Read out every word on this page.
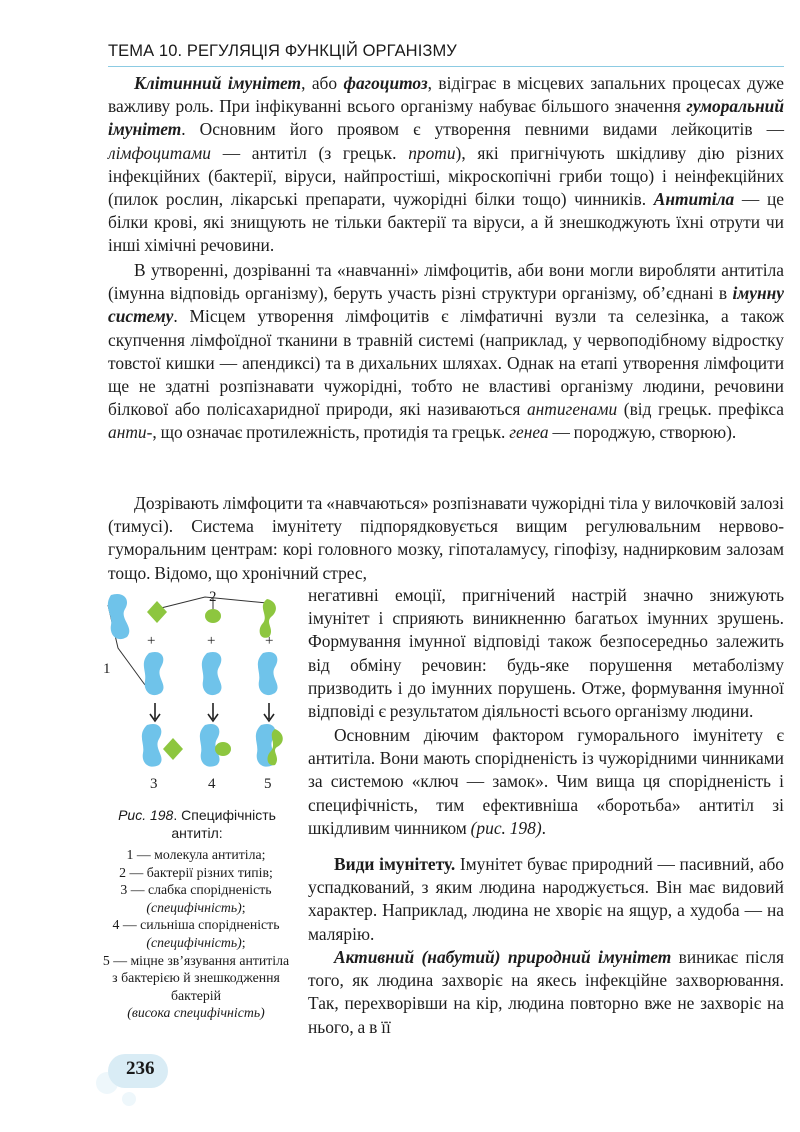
ТЕМА 10. РЕГУЛЯЦІЯ ФУНКЦІЙ ОРГАНІЗМУ

Клітинний імунітет, або фагоцитоз, відіграє в місцевих запальних процесах дуже важливу роль. При інфікуванні всього організму набуває більшого значення гуморальний імунітет. Основним його проявом є утворення певними видами лейкоцитів — лімфоцитами — антитіл (з грецьк. проти), які пригнічують шкідливу дію різних інфекційних (бактерії, віруси, найпростіші, мікроскопічні гриби тощо) і неінфекційних (пилок рослин, лікарські препарати, чужорідні білки тощо) чинників. Антитіла — це білки крові, які знищують не тільки бактерії та віруси, а й знешкоджують їхні отрути чи інші хімічні речовини.

В утворенні, дозріванні та «навчанні» лімфоцитів, аби вони могли виробляти антитіла (імунна відповідь організму), беруть участь різні структури організму, об’єднані в імунну систему. Місцем утворення лімфоцитів є лімфатичні вузли та селезінка, а також скупчення лімфоїдної тканини в травній системі (наприклад, у червоподібному відростку товстої кишки — апендиксі) та в дихальних шляхах. Однак на етапі утворення лімфоцити ще не здатні розпізнавати чужорідні, тобто не властиві організму людини, речовини білкової або полісахаридної природи, які називаються антигенами (від грецьк. префікса анти-, що означає протилежність, протидія та грецьк. генеа — породжую, створюю).

Дозрівають лімфоцити та «навчаються» розпізнавати чужорідні тіла у вилочковій залозі (тимусі). Система імунітету підпорядковується вищим регулювальним нервово-гуморальним центрам: корі головного мозку, гіпоталамусу, гіпофізу, наднирковим залозам тощо. Відомо, що хронічний стрес,

негативні емоції, пригнічений настрій значно знижують імунітет і сприяють виникненню багатьох імунних зрушень. Формування імунної відповіді також безпосередньо залежить від обміну речовин: будь-яке порушення метаболізму призводить і до імунних порушень. Отже, формування імунної відповіді є результатом діяльності всього організму людини.

Основним діючим фактором гуморального імунітету є антитіла. Вони мають спорідненість із чужорідними чинниками за системою «ключ — замок». Чим вища ця спорідненість і специфічність, тим ефективніша «боротьба» антитіл зі шкідливим чинником (рис. 198).

Види імунітету. Імунітет буває природний — пасивний, або успадкований, з яким людина народжується. Він має видовий характер. Наприклад, людина не хворіє на ящур, а худоба — на малярію.

Активний (набутий) природний імунітет виникає після того, як людина захворіє на якесь інфекційне захворювання. Так, перехворівши на кір, людина повторно вже не захворіє на нього, а в її

+	+	+
2
1
3	4	5
Рис. 198. Специфічність антитіл:
1 — молекула антитіла;
2 — бактерії різних типів;
3 — слабка спорідненість
(специфічність);
4 — сильніша спорідненість (специфічність);
5 — міцне зв’язування антитіла з бактерією й знешкодження бактерій
(висока специфічність)
236
